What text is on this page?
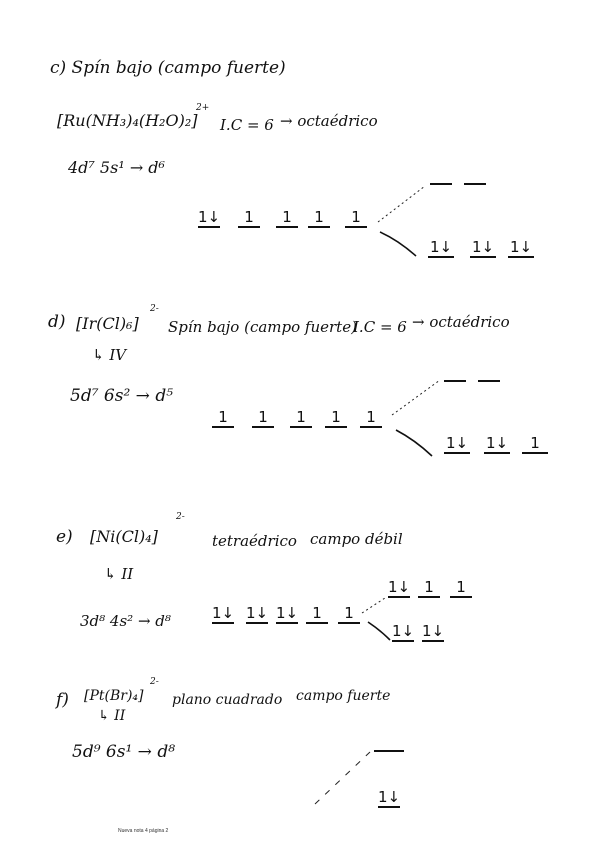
c) Spín bajo (campo fuerte)
[Ru(NH₃)₄(H₂O)₂]
2+
I.C = 6 → octaédrico
4d⁷ 5s¹ → d⁶
1↓	1	1	1	1
1↓ 1↓ 1↓
d) [Ir(Cl)₆]
2-
Spín bajo (campo fuerte)
I.C = 6 → octaédrico
↳ IV
5d⁷ 6s² → d⁵
1	1	1	1	1
1↓ 1↓	1
e) [Ni(Cl)₄]
2-
tetraédrico campo débil
↳ II
3d⁸ 4s² → d⁸	1↓ 1↓ 1↓ 1	1
1↓ 1	1
1↓ 1↓
f) [Pt(Br)₄]
2-
plano cuadrado campo fuerte
↳ II
5d⁹ 6s¹ → d⁸
1↓
Nueva nota 4 página 2
